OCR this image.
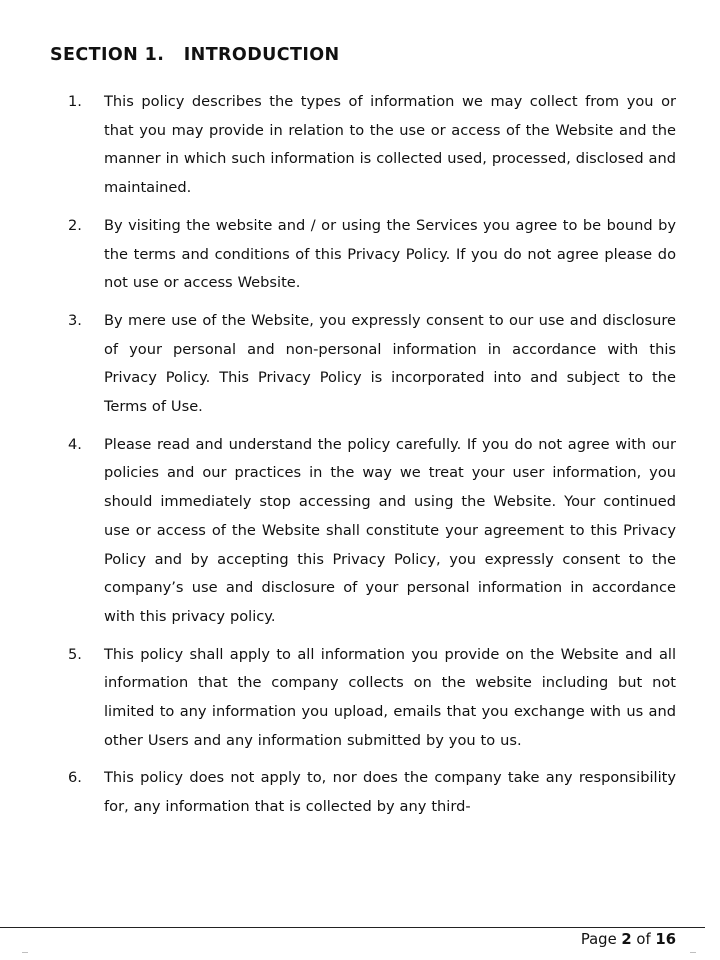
SECTION 1.   INTRODUCTION
1. This policy describes the types of information we may collect from you or that you may provide in relation to the use or access of the Website and the manner in which such information is collected used, processed, disclosed and maintained.
2. By visiting the website and / or using the Services you agree to be bound by the terms and conditions of this Privacy Policy. If you do not agree please do not use or access Website.
3. By mere use of the Website, you expressly consent to our use and disclosure of your personal and non-personal information in accordance with this Privacy Policy. This Privacy Policy is incorporated into and subject to the Terms of Use.
4. Please read and understand the policy carefully. If you do not agree with our policies and our practices in the way we treat your user information, you should immediately stop accessing and using the Website. Your continued use or access of the Website shall constitute your agreement to this Privacy Policy and by accepting this Privacy Policy, you expressly consent to the company’s use and disclosure of your personal information in accordance with this privacy policy.
5. This policy shall apply to all information you provide on the Website and all information that the company collects on the website including but not limited to any information you upload, emails that you exchange with us and other Users and any information submitted by you to us.
6. This policy does not apply to, nor does the company take any responsibility for, any information that is collected by any third-
Page 2 of 16
